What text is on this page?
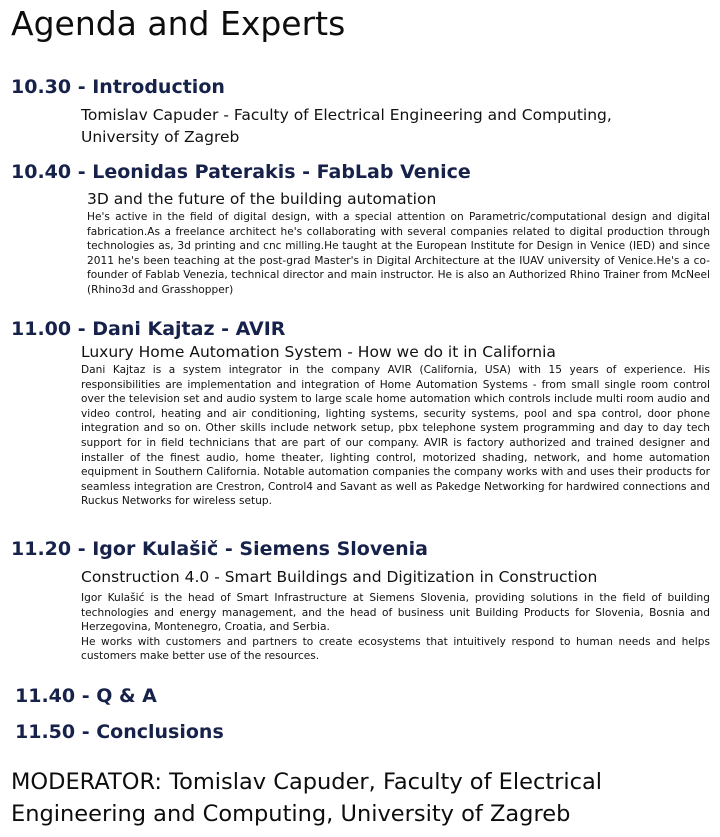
Agenda and Experts
10.30 - Introduction
Tomislav Capuder - Faculty of Electrical Engineering and Computing, University of Zagreb
10.40 - Leonidas Paterakis - FabLab Venice
3D and the future of the building automation

He's active in the field of digital design, with a special attention on Parametric/computational design and digital fabrication.As a freelance architect he's collaborating with several companies related to digital production through technologies as, 3d printing and cnc milling.He taught at the European Institute for Design in Venice (IED) and since 2011 he's been teaching at the post-grad Master's in Digital Architecture at the IUAV university of Venice.He's a co-founder of Fablab Venezia, technical director and main instructor. He is also an Authorized Rhino Trainer from McNeel (Rhino3d and Grasshopper)

11.00 - Dani Kajtaz - AVIR
Luxury Home Automation System - How we do it in California

Dani Kajtaz is a system integrator in the company AVIR (California, USA) with 15 years of experience. His responsibilities are implementation and integration of Home Automation Systems - from small single room control over the television set and audio system to large scale home automation which controls include multi room audio and video control, heating and air conditioning, lighting systems, security systems, pool and spa control, door phone integration and so on. Other skills include network setup, pbx telephone system programming and day to day tech support for in field technicians that are part of our company. AVIR is factory authorized and trained designer and installer of the finest audio, home theater, lighting control, motorized shading, network, and home automation equipment in Southern California. Notable automation companies the company works with and uses their products for seamless integration are Crestron, Control4 and Savant as well as Pakedge Networking for hardwired connections and Ruckus Networks for wireless setup.

11.20 - Igor Kulašič - Siemens Slovenia
Construction 4.0 - Smart Buildings and Digitization in Construction

Igor Kulašić is the head of Smart Infrastructure at Siemens Slovenia, providing solutions in the field of building technologies and energy management, and the head of business unit Building Products for Slovenia, Bosnia and Herzegovina, Montenegro, Croatia, and Serbia.

He works with customers and partners to create ecosystems that intuitively respond to human needs and helps customers make better use of the resources.

11.40 - Q & A
11.50 - Conclusions
MODERATOR: Tomislav Capuder, Faculty of Electrical Engineering and Computing, University of Zagreb
